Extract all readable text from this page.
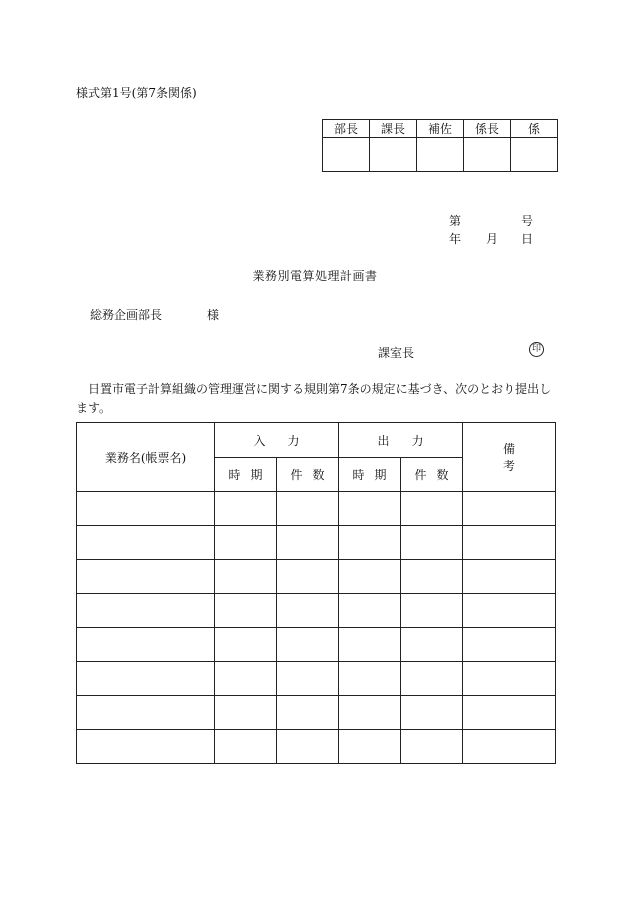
様式第1号(第7条関係)
部長	課長	補佐	係長	係

第	号
年 月 日
業務別電算処理計画書
総務企画部長	様
課室長	印
日置市電子計算組織の管理運営に関する規則第7条の規定に基づき、次のとおり提出します。
業務名(帳票名)	入力		出力		備考
	時期	件数	時期	件数	
